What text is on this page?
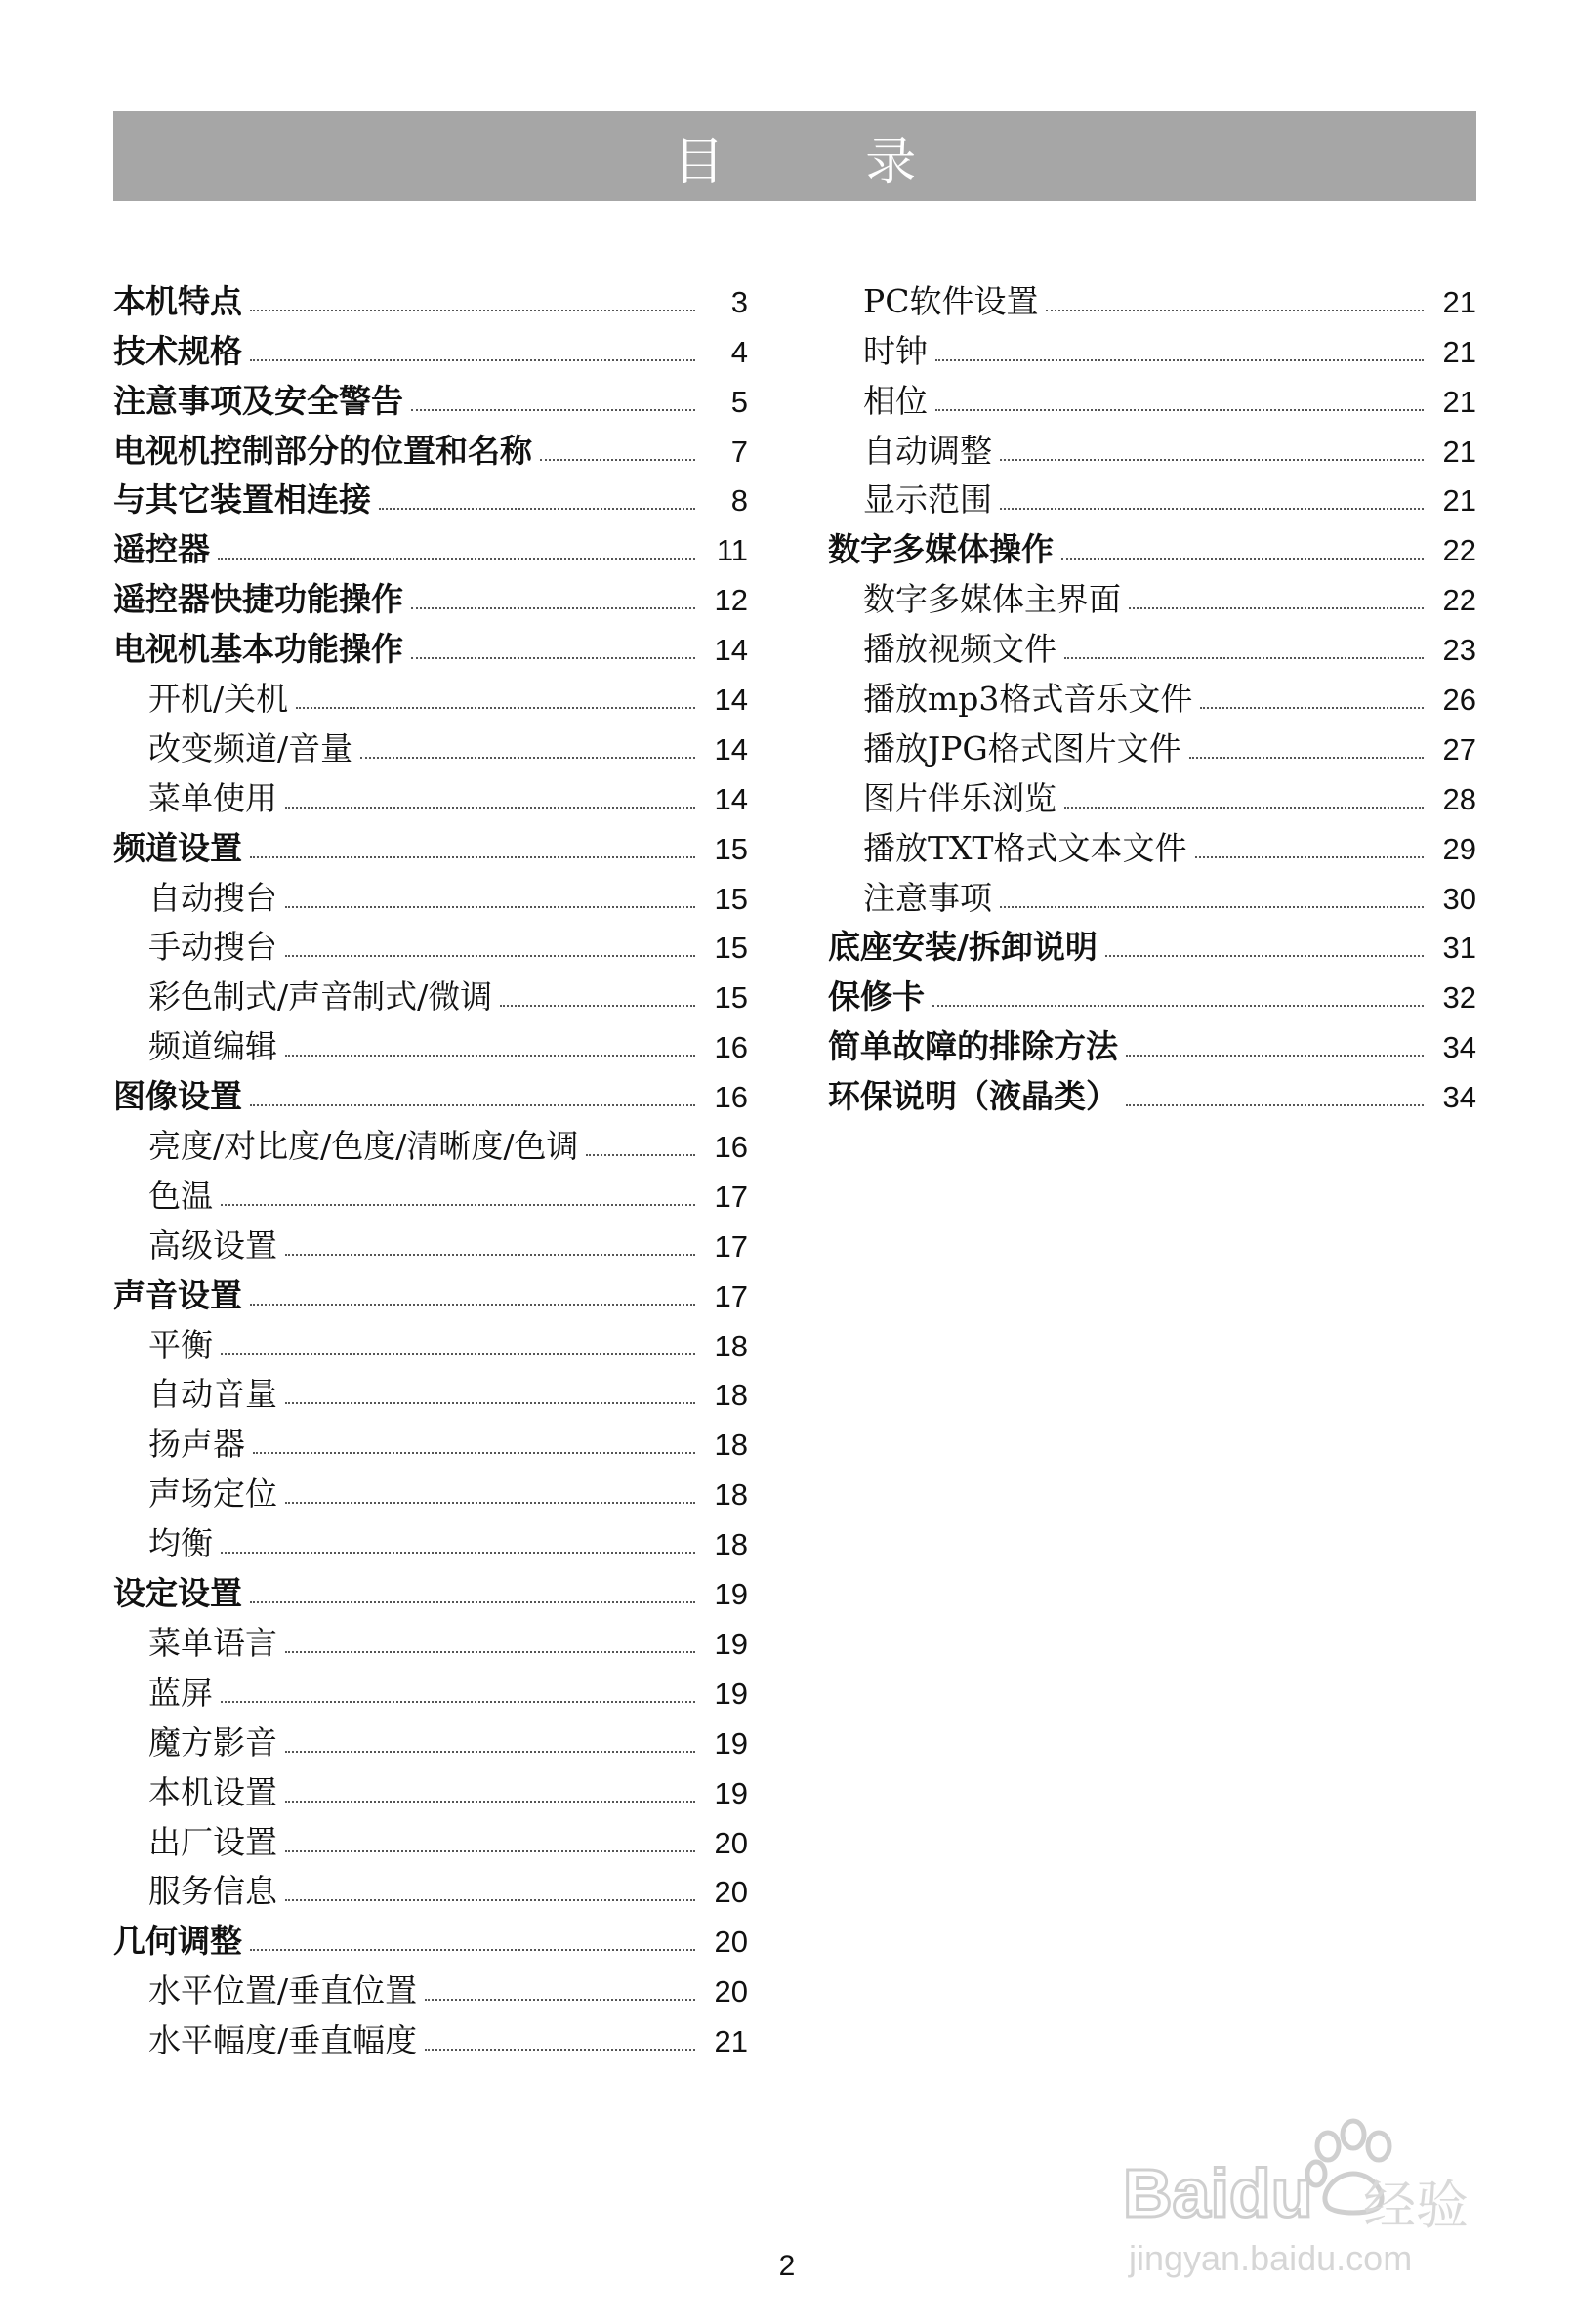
目 录
本机特点	3
技术规格	4
注意事项及安全警告	5
电视机控制部分的位置和名称	7
与其它装置相连接	8
遥控器	11
遥控器快捷功能操作	12
电视机基本功能操作	14
开机/关机	14
改变频道/音量	14
菜单使用	14
频道设置	15
自动搜台	15
手动搜台	15
彩色制式/声音制式/微调	15
频道编辑	16
图像设置	16
亮度/对比度/色度/清晰度/色调	16
色温	17
高级设置	17
声音设置	17
平衡	18
自动音量	18
扬声器	18
声场定位	18
均衡	18
设定设置	19
菜单语言	19
蓝屏	19
魔方影音	19
本机设置	19
出厂设置	20
服务信息	20
几何调整	20
水平位置/垂直位置	20
水平幅度/垂直幅度	21
PC软件设置	21
时钟	21
相位	21
自动调整	21
显示范围	21
数字多媒体操作	22
数字多媒体主界面	22
播放视频文件	23
播放mp3格式音乐文件	26
播放JPG格式图片文件	27
图片伴乐浏览	28
播放TXT格式文本文件	29
注意事项	30
底座安装/拆卸说明	31
保修卡	32
简单故障的排除方法	34
环保说明（液晶类）	34
2
Baidu 经验
jingyan.baidu.com
